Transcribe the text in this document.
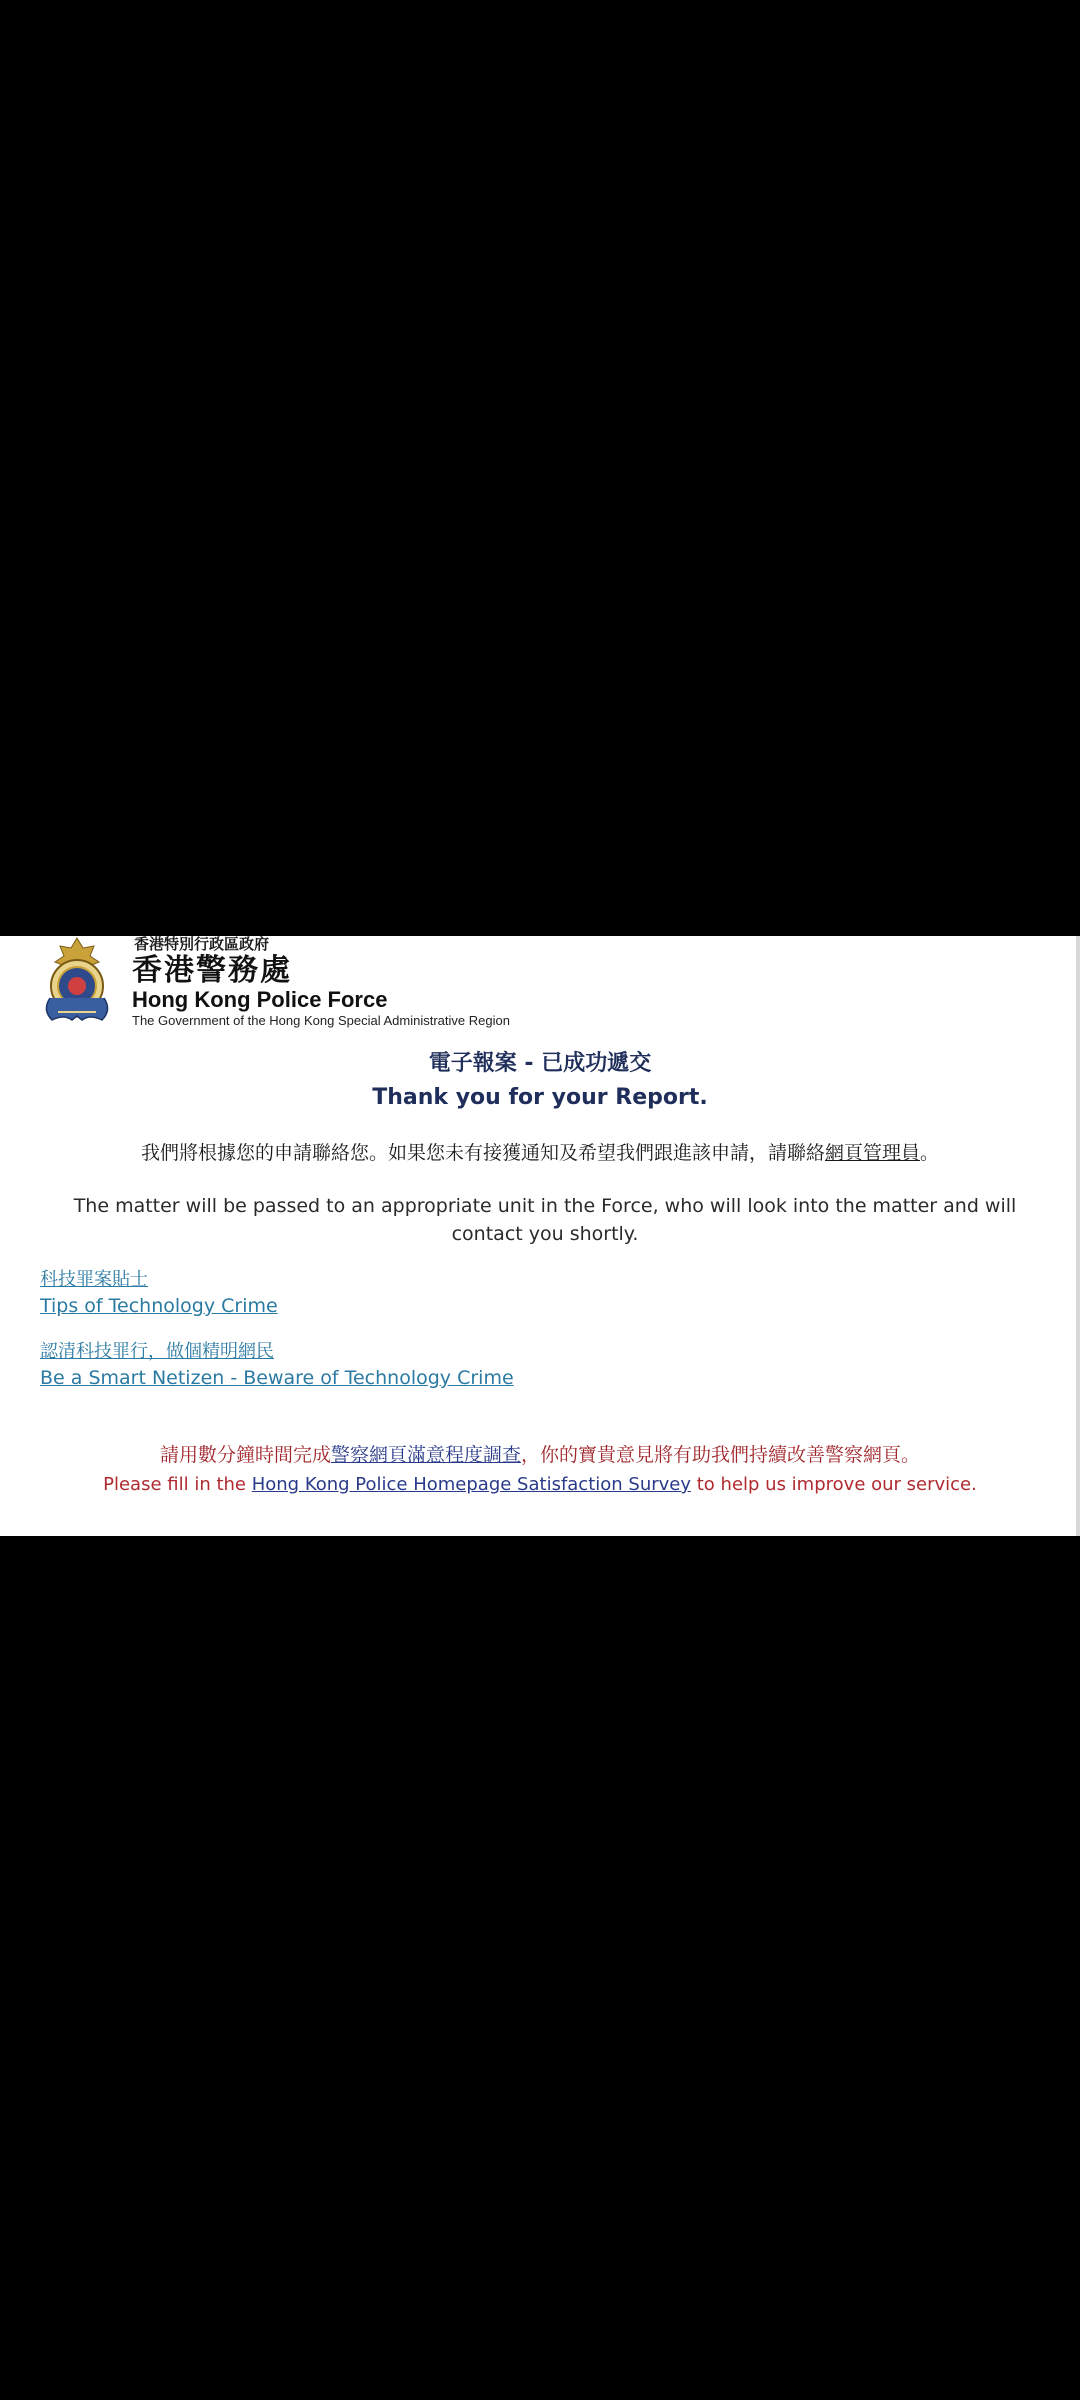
香港特別行政區政府
香港警務處
Hong Kong Police Force
The Government of the Hong Kong Special Administrative Region
電子報案 - 已成功遞交
Thank you for your Report.
我們將根據您的申請聯絡您。如果您未有接獲通知及希望我們跟進該申請，請聯絡網頁管理員。
The matter will be passed to an appropriate unit in the Force, who will look into the matter and will contact you shortly.
科技罪案貼士
Tips of Technology Crime
認清科技罪行，做個精明網民
Be a Smart Netizen - Beware of Technology Crime
請用數分鐘時間完成警察網頁滿意程度調查，你的寶貴意見將有助我們持續改善警察網頁。
Please fill in the Hong Kong Police Homepage Satisfaction Survey to help us improve our service.
